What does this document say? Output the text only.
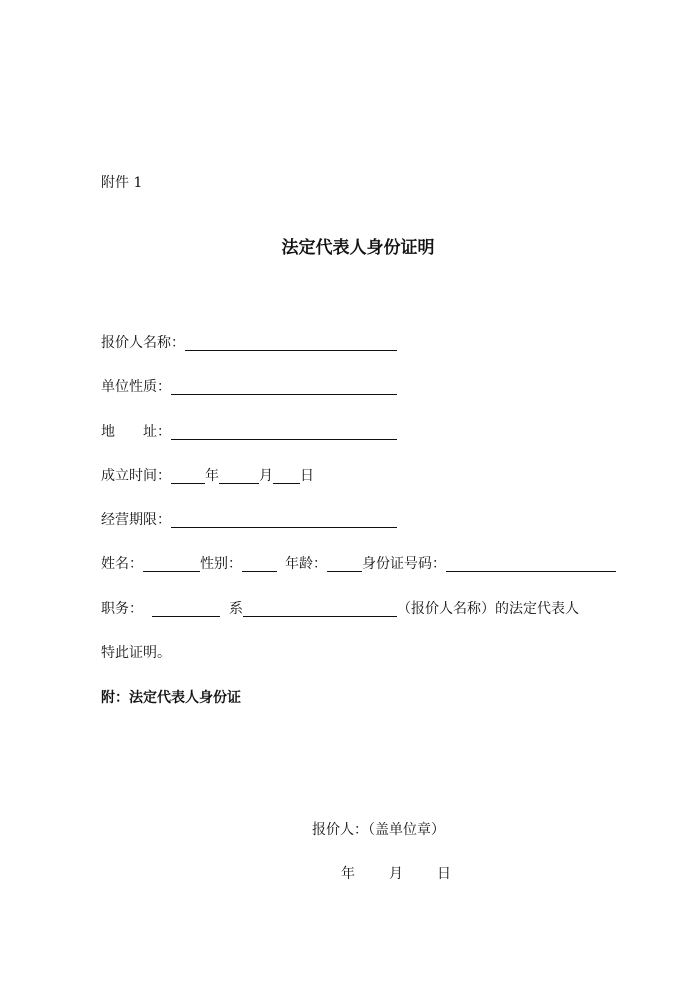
附件 1
法定代表人身份证明
报价人名称：
单位性质：
地 址：
成立时间： 年	月 日
经营期限：
姓名：	性别：	年龄：	身份证号码：
职务：	系	（报价人名称）的法定代表人
特此证明。
附：法定代表人身份证
报价人：（盖单位章）
年 月 日
